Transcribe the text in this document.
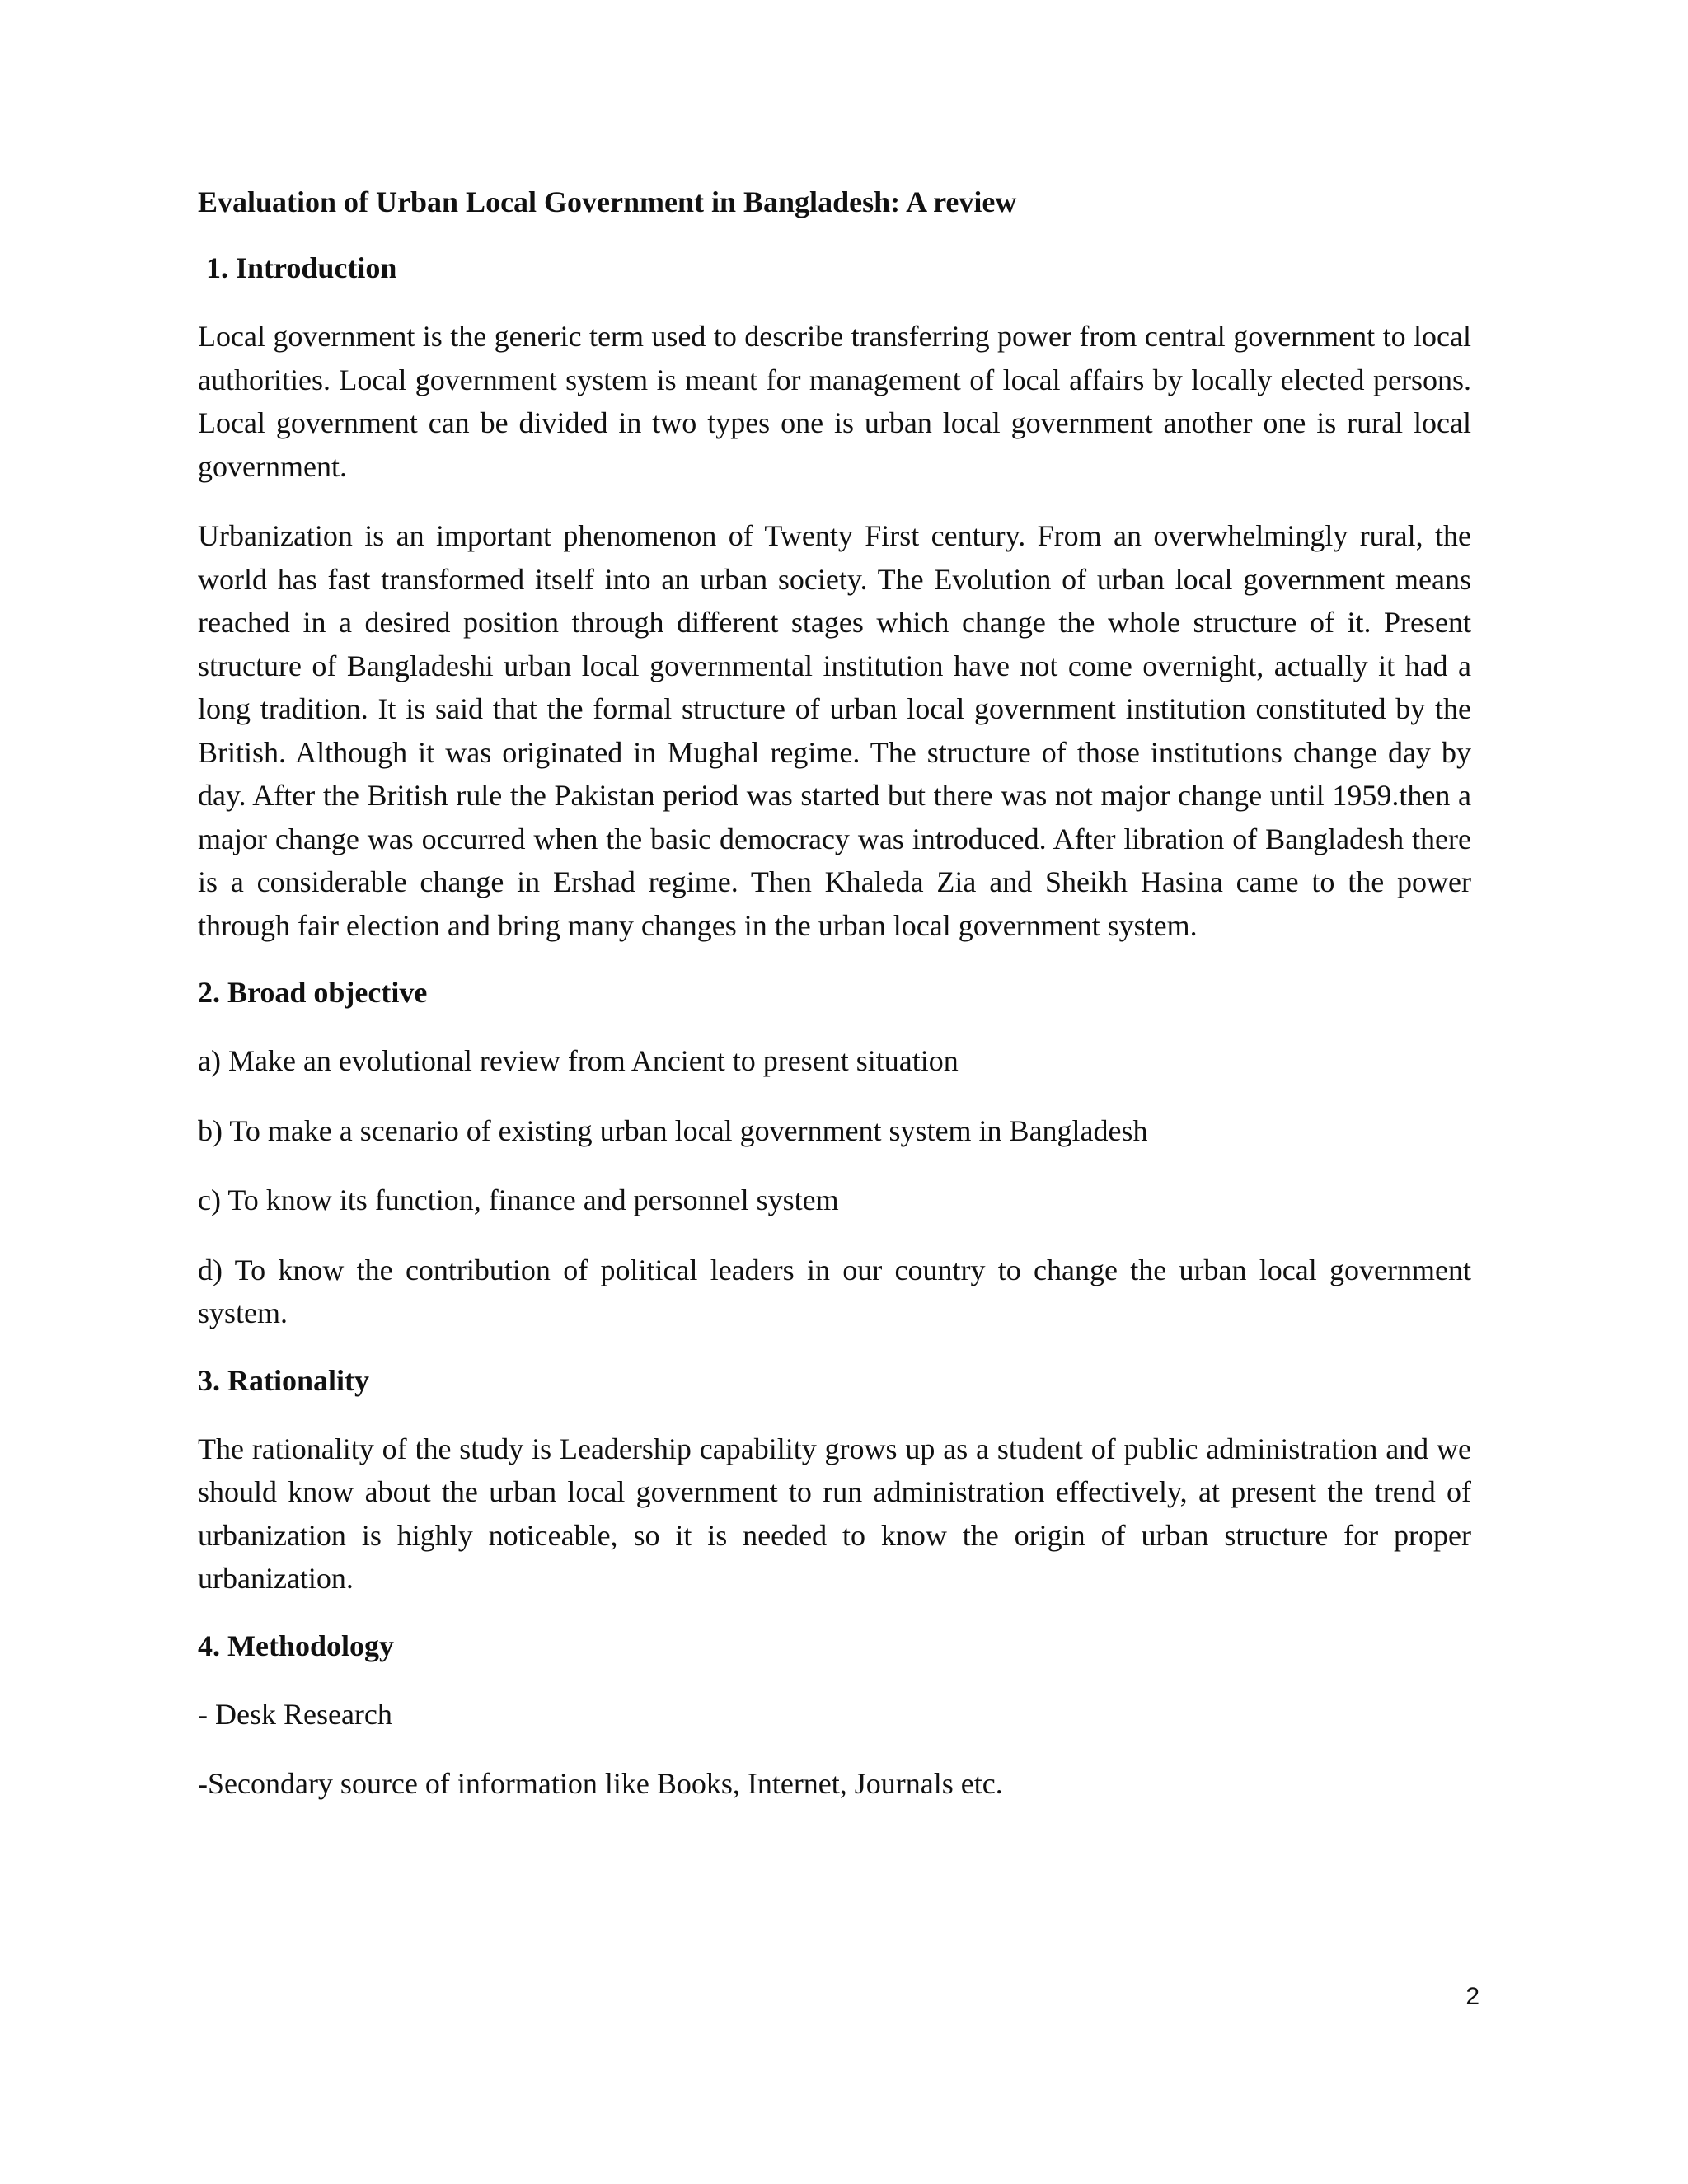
Evaluation of Urban Local Government in Bangladesh: A review
1. Introduction

Local government is the generic term used to describe transferring power from central government to local authorities. Local government system is meant for management of local affairs by locally elected persons. Local government can be divided in two types one is urban local government another one is rural local government.

Urbanization is an important phenomenon of Twenty First century. From an overwhelmingly rural, the world has fast transformed itself into an urban society. The Evolution of urban local government means reached in a desired position through different stages which change the whole structure of it. Present structure of Bangladeshi urban local governmental institution have not come overnight, actually it had a long tradition. It is said that the formal structure of urban local government institution constituted by the British. Although it was originated in Mughal regime. The structure of those institutions change day by day. After the British rule the Pakistan period was started but there was not major change until 1959.then a major change was occurred when the basic democracy was introduced. After libration of Bangladesh there is a considerable change in Ershad regime. Then Khaleda Zia and Sheikh Hasina came to the power through fair election and bring many changes in the urban local government system.

2. Broad objective

a) Make an evolutional review from Ancient to present situation

b) To make a scenario of existing urban local government system in Bangladesh

c) To know its function, finance and personnel system

d) To know the contribution of political leaders in our country to change the urban local government system.

3. Rationality

The rationality of the study is Leadership capability grows up as a student of public administration and we should know about the urban local government to run administration effectively, at present the trend of urbanization is highly noticeable, so it is needed to know the origin of urban structure for proper urbanization.

4. Methodology

- Desk Research

-Secondary source of information like Books, Internet, Journals etc.

2
